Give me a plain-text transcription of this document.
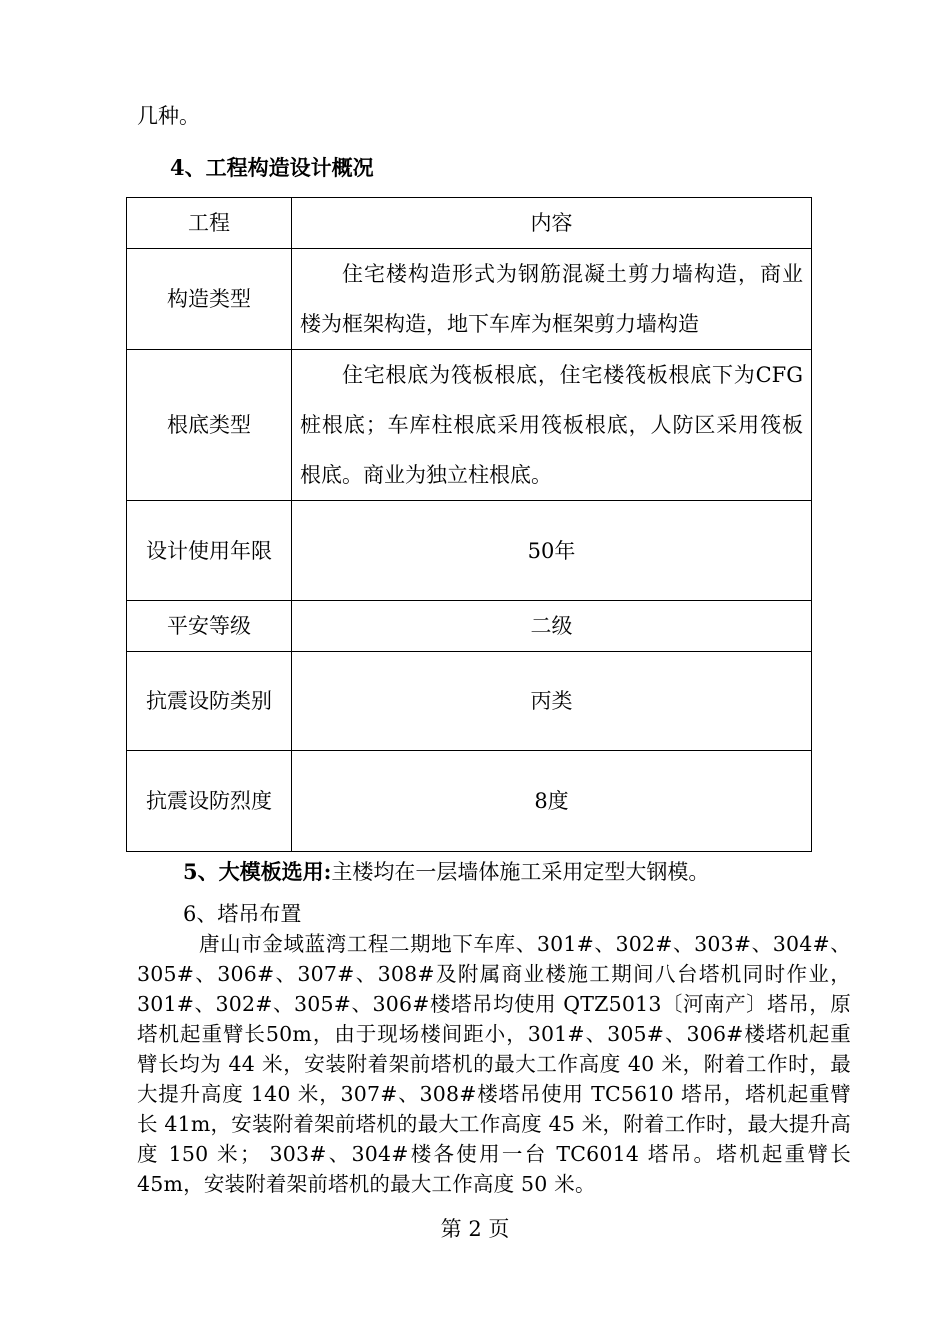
几种。
4、工程构造设计概况
工程	内容
构造类型	住宅楼构造形式为钢筋混凝土剪力墙构造，商业楼为框架构造，地下车库为框架剪力墙构造
根底类型	住宅根底为筏板根底，住宅楼筏板根底下为CFG桩根底；车库柱根底采用筏板根底，人防区采用筏板根底。商业为独立柱根底。
设计使用年限	50年
平安等级	二级
抗震设防类别	丙类
抗震设防烈度	8度
5、大模板选用:主楼均在一层墙体施工采用定型大钢模。
6、塔吊布置
唐山市金域蓝湾工程二期地下车库、301#、302#、303#、304#、305#、306#、307#、308#及附属商业楼施工期间八台塔机同时作业，301#、302#、305#、306#楼塔吊均使用 QTZ5013〔河南产〕塔吊，原塔机起重臂长50m，由于现场楼间距小，301#、305#、306#楼塔机起重臂长均为 44 米，安装附着架前塔机的最大工作高度 40 米，附着工作时，最大提升高度 140 米，307#、308#楼塔吊使用 TC5610 塔吊，塔机起重臂长 41m，安装附着架前塔机的最大工作高度 45 米，附着工作时，最大提升高度 150 米； 303#、304#楼各使用一台 TC6014 塔吊。塔机起重臂长 45m，安装附着架前塔机的最大工作高度 50 米。
第 2 页
